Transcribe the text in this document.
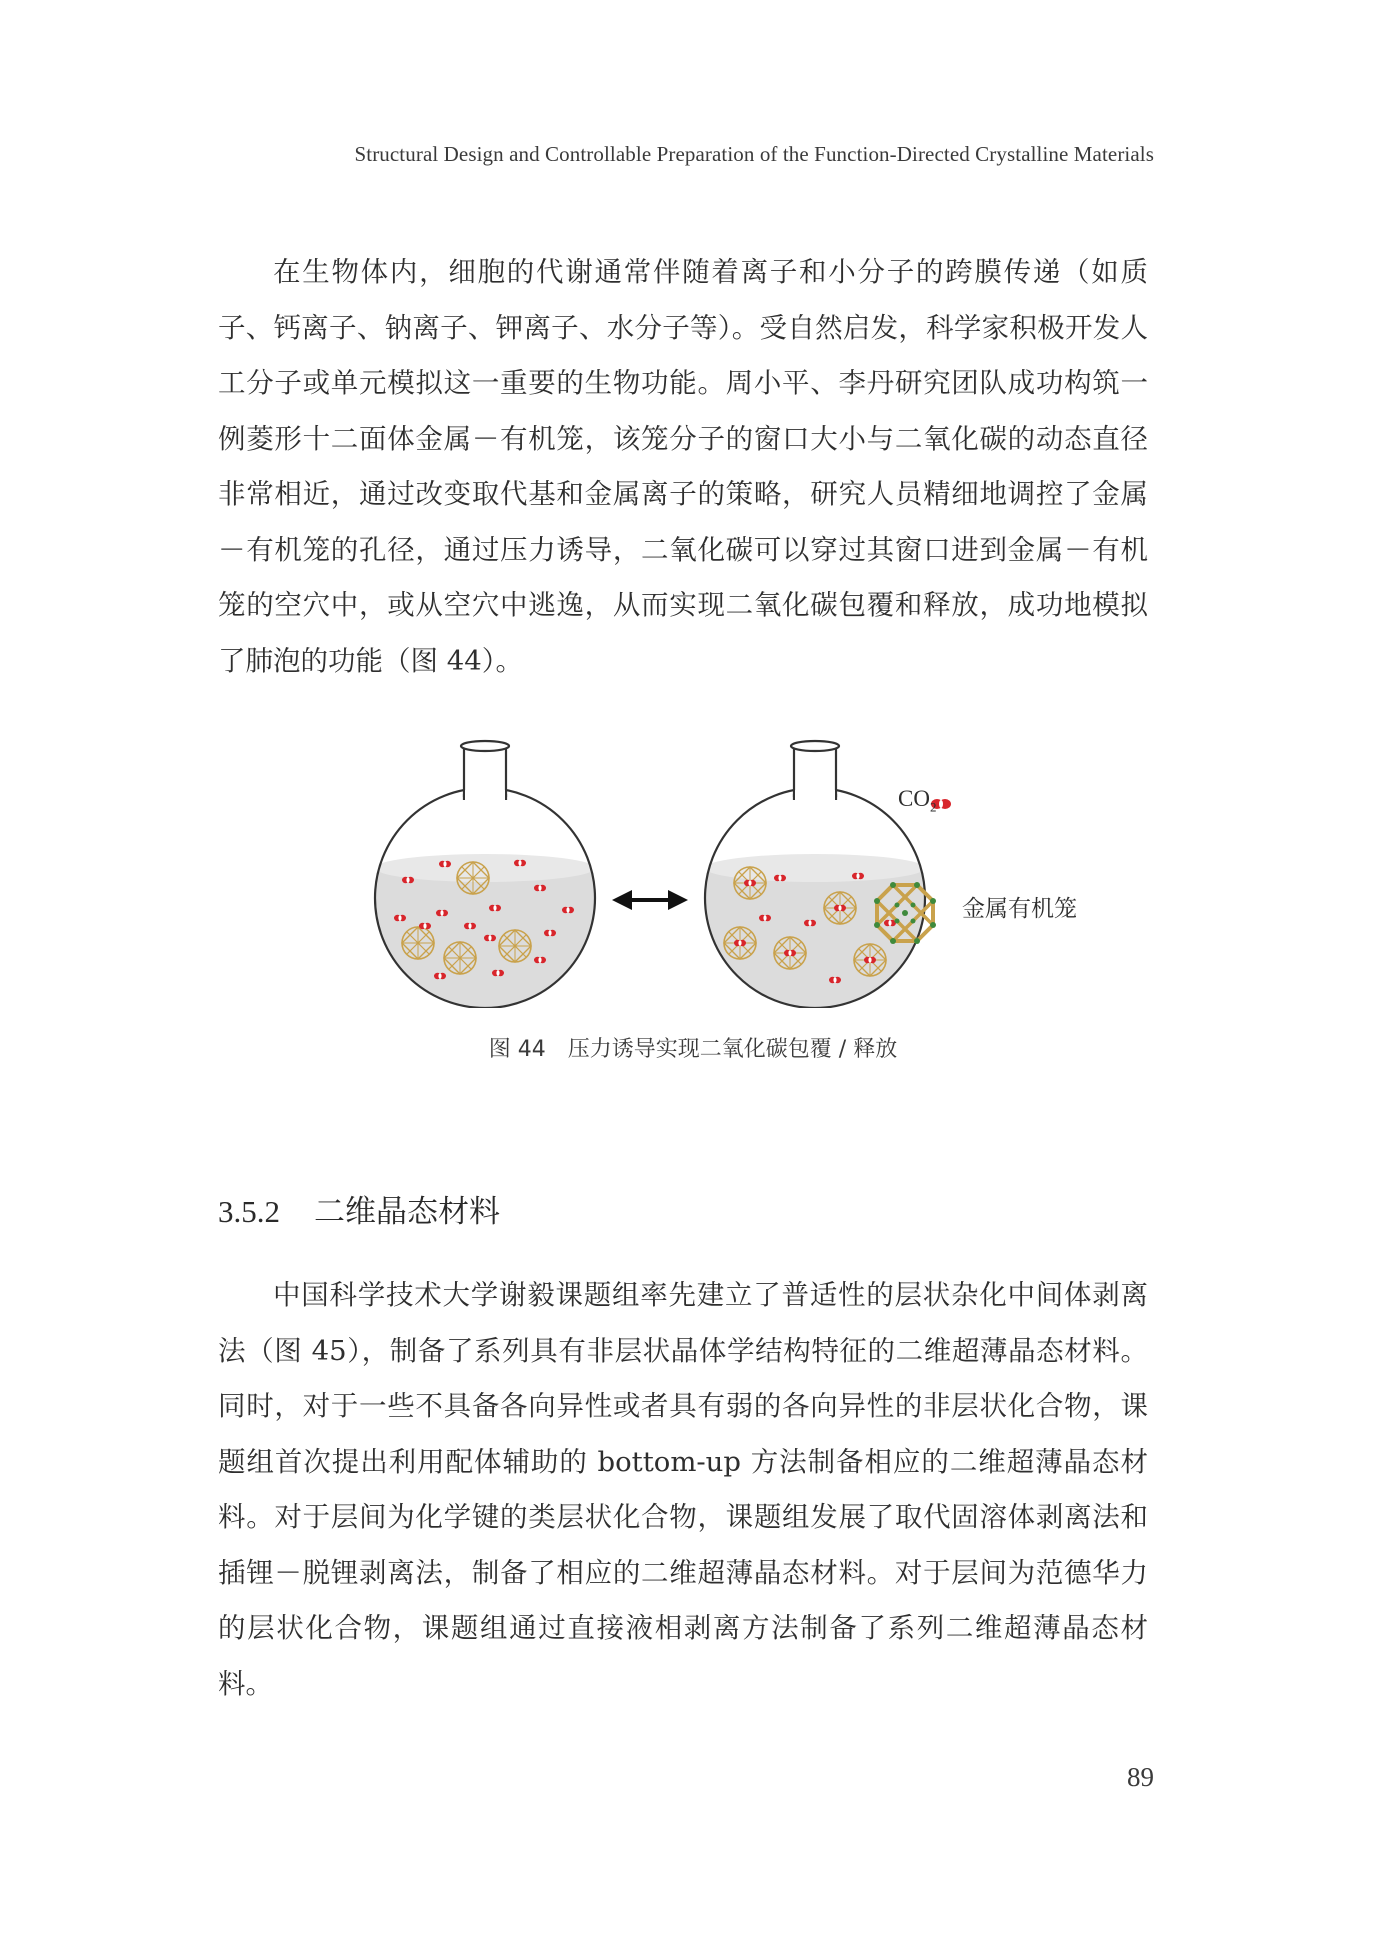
Structural Design and Controllable Preparation of the Function-Directed Crystalline Materials

在生物体内，细胞的代谢通常伴随着离子和小分子的跨膜传递（如质子、钙离子、钠离子、钾离子、水分子等）。受自然启发，科学家积极开发人工分子或单元模拟这一重要的生物功能。周小平、李丹研究团队成功构筑一例菱形十二面体金属－有机笼，该笼分子的窗口大小与二氧化碳的动态直径非常相近，通过改变取代基和金属离子的策略，研究人员精细地调控了金属－有机笼的孔径，通过压力诱导，二氧化碳可以穿过其窗口进到金属－有机笼的空穴中，或从空穴中逃逸，从而实现二氧化碳包覆和释放，成功地模拟了肺泡的功能（图 44）。

$CO_2$
金属有机笼
图 44 压力诱导实现二氧化碳包覆 / 释放
3.5.2 二维晶态材料

中国科学技术大学谢毅课题组率先建立了普适性的层状杂化中间体剥离法（图 45），制备了系列具有非层状晶体学结构特征的二维超薄晶态材料。同时，对于一些不具备各向异性或者具有弱的各向异性的非层状化合物，课题组首次提出利用配体辅助的 bottom-up 方法制备相应的二维超薄晶态材料。对于层间为化学键的类层状化合物，课题组发展了取代固溶体剥离法和插锂－脱锂剥离法，制备了相应的二维超薄晶态材料。对于层间为范德华力的层状化合物，课题组通过直接液相剥离方法制备了系列二维超薄晶态材料。

89
